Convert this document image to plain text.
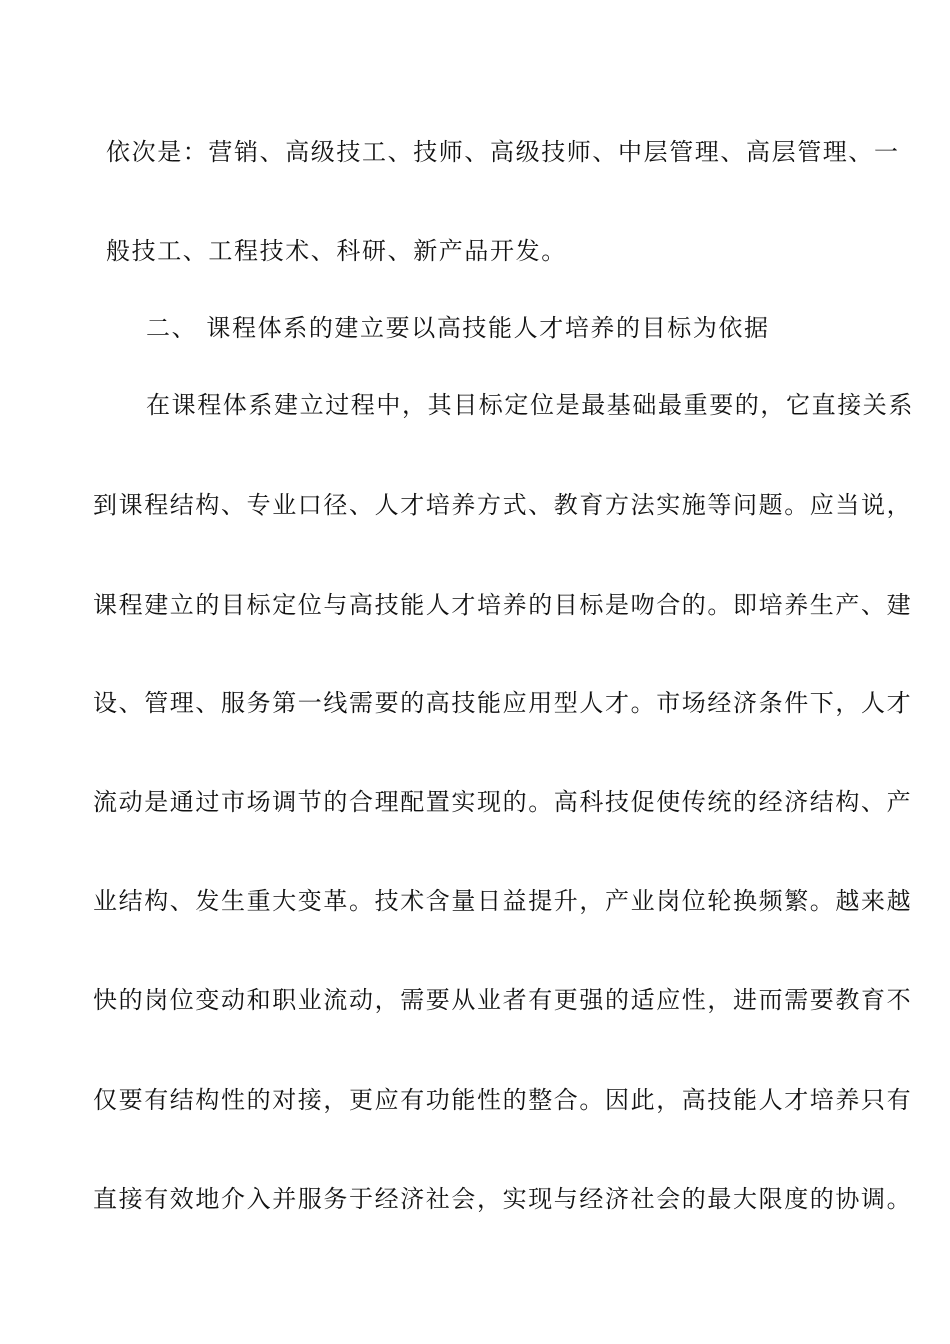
依次是：营销、高级技工、技师、高级技师、中层管理、高层管理、一
般技工、工程技术、科研、新产品开发。
二、 课程体系的建立要以高技能人才培养的目标为依据
在课程体系建立过程中，其目标定位是最基础最重要的，它直接关系
到课程结构、专业口径、人才培养方式、教育方法实施等问题。应当说，
课程建立的目标定位与高技能人才培养的目标是吻合的。即培养生产、建
设、管理、服务第一线需要的高技能应用型人才。市场经济条件下，人才
流动是通过市场调节的合理配置实现的。高科技促使传统的经济结构、产
业结构、发生重大变革。技术含量日益提升，产业岗位轮换频繁。越来越
快的岗位变动和职业流动，需要从业者有更强的适应性，进而需要教育不
仅要有结构性的对接，更应有功能性的整合。因此，高技能人才培养只有
直接有效地介入并服务于经济社会，实现与经济社会的最大限度的协调。
